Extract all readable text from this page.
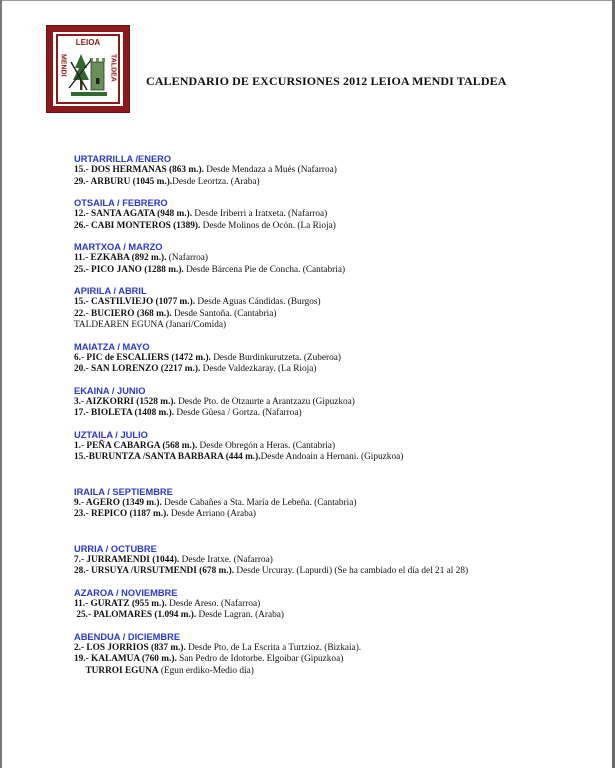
LEIOA
MENDI	TALDEA CALENDARIO DE EXCURSIONES 2012 LEIOA MENDI TALDEA
URTARRILLA /ENERO
15.- DOS HERMANAS (863 m.). Desde Mendaza a Mués (Nafarroa)
29.- ARBURU (1045 m.).Desde Leortza. (Araba)
OTSAILA / FEBRERO
12.- SANTA AGATA (948 m.). Desde Iriberri a Iratxeta. (Nafarroa)
26.- CABI MONTEROS (1389). Desde Molinos de Ocón. (La Rioja)
MARTXOA / MARZO
11.- EZKABA (892 m.). (Nafarroa)
25.- PICO JANO (1288 m.). Desde Bárcena Pie de Concha. (Cantabria)
APIRILA / ABRIL
15.- CASTILVIEJO (1077 m.). Desde Aguas Cándidas. (Burgos)
22.- BUCIERO (368 m.). Desde Santoña. (Cantabria)
TALDEAREN EGUNA (Janari/Comida)
MAIATZA / MAYO
6.- PIC de ESCALIERS (1472 m.). Desde Burdinkurutzeta. (Zuberoa)
20.- SAN LORENZO (2217 m.). Desde Valdezkaray. (La Rioja)
EKAINA / JUNIO
3.- AIZKORRI (1528 m.). Desde Pto. de Otzaurte a Arantzazu (Gipuzkoa)
17.- BIOLETA (1408 m.). Desde Güesa / Gortza. (Nafarroa)
UZTAILA / JULIO
1.- PEÑA CABARGA (568 m.). Desde Obregón a Heras. (Cantabria)
15.-BURUNTZA /SANTA BARBARA (444 m.).Desde Andoain a Hernani. (Gipuzkoa)
IRAILA / SEPTIEMBRE
9.- AGERO (1349 m.). Desde Cabañes a Sta. María de Lebeña. (Cantabria)
23.- REPICO (1187 m.). Desde Arriano (Araba)
URRIA / OCTUBRE
7.- JURRAMENDI (1044). Desde Iratxe. (Nafarroa)
28.- URSUYA /URSUTMENDI (678 m.). Desde Urcuray. (Lapurdi) (Se ha cambiado el día del 21 al 28)
AZAROA / NOVIEMBRE
11.- GURATZ (955 m.). Desde Areso. (Nafarroa)
25.- PALOMARES (1.094 m.). Desde Lagran. (Araba)
ABENDUA / DICIEMBRE
2.- LOS JORRIOS (837 m.). Desde Pto. de La Escrita a Turtzioz. (Bizkaia).
19.- KALAMUA (760 m.). San Pedro de Idotorbe. Elgoibar (Gipuzkoa)
TURROI EGUNA (Egun erdiko-Medio día)
